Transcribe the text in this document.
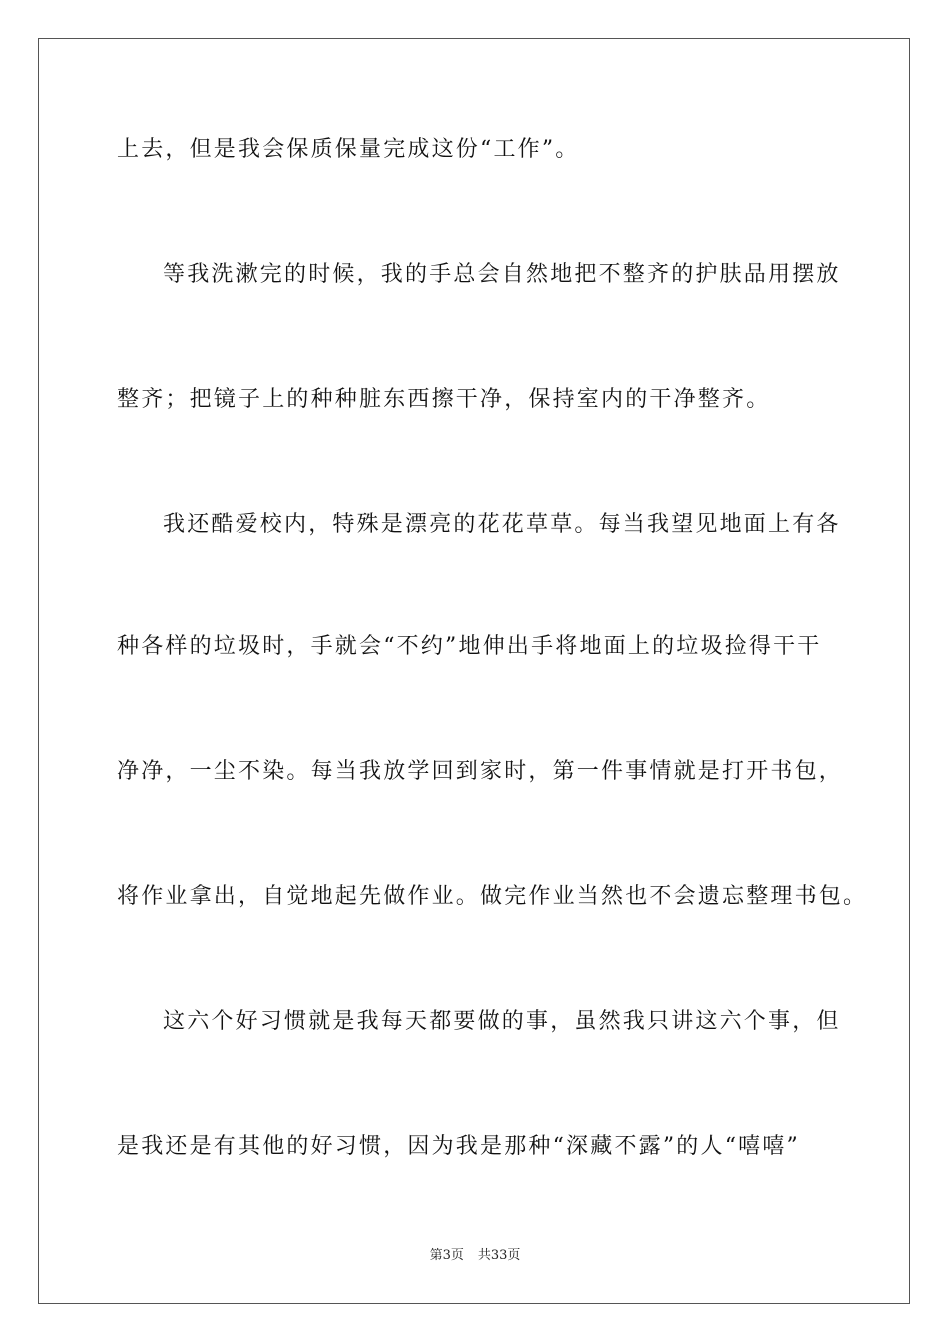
上去，但是我会保质保量完成这份“工作”。
等我洗漱完的时候，我的手总会自然地把不整齐的护肤品用摆放
整齐；把镜子上的种种脏东西擦干净，保持室内的干净整齐。
我还酷爱校内，特殊是漂亮的花花草草。每当我望见地面上有各
种各样的垃圾时，手就会“不约”地伸出手将地面上的垃圾捡得干干
净净，一尘不染。每当我放学回到家时，第一件事情就是打开书包，
将作业拿出，自觉地起先做作业。做完作业当然也不会遗忘整理书包。
这六个好习惯就是我每天都要做的事，虽然我只讲这六个事，但
是我还是有其他的好习惯，因为我是那种“深藏不露”的人“嘻嘻”
第3页 共33页
